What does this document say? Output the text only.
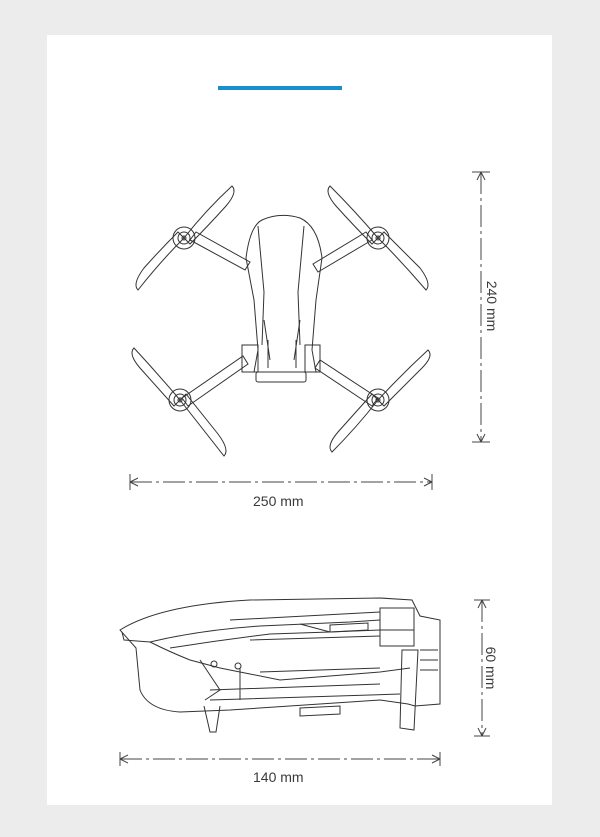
250 mm
240 mm
140 mm
60 mm
